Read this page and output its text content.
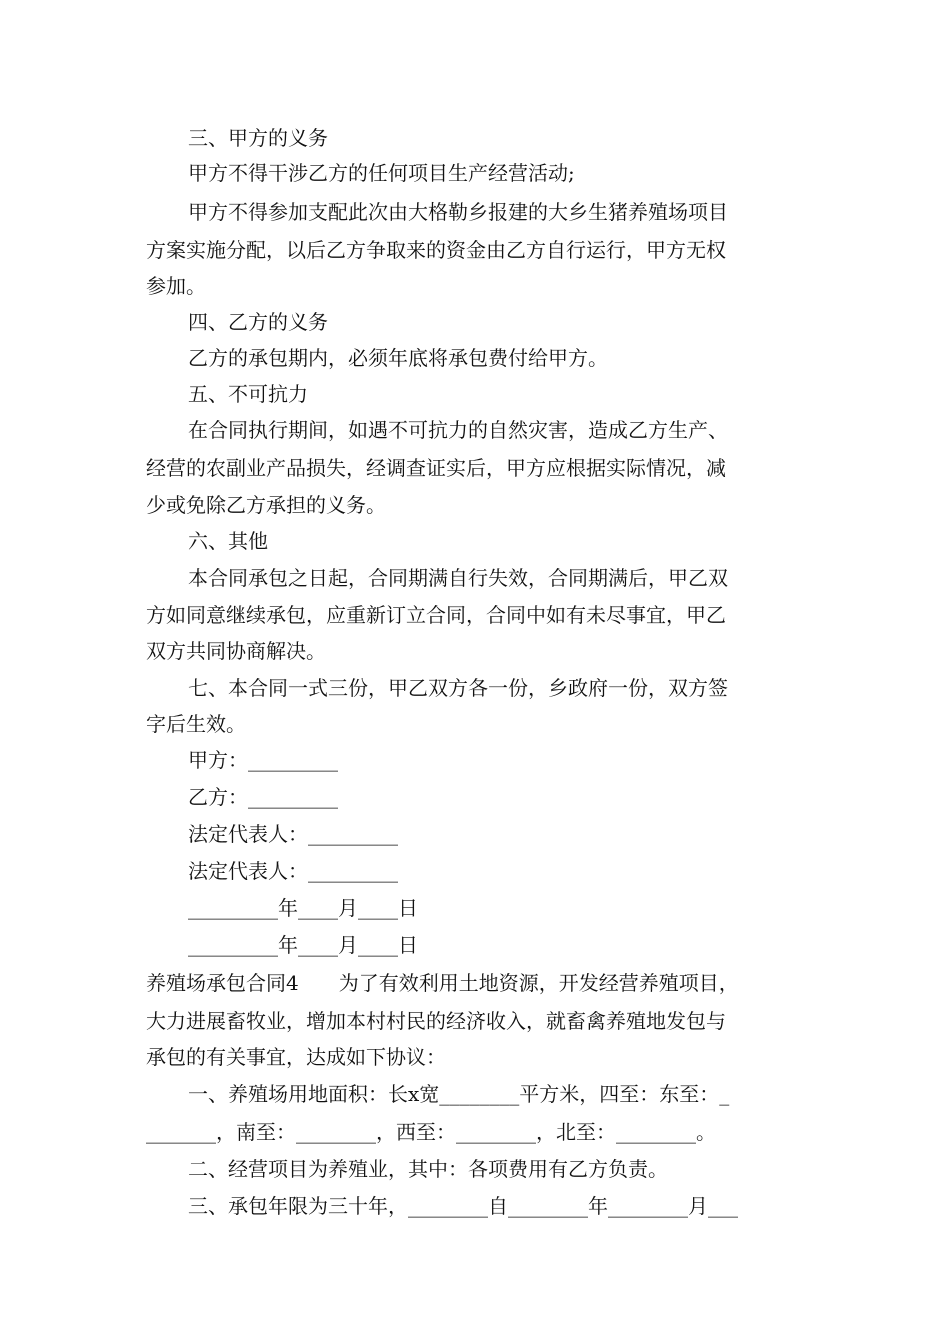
三、甲方的义务

甲方不得干涉乙方的任何项目生产经营活动;

甲方不得参加支配此次由大格勒乡报建的大乡生猪养殖场项目

方案实施分配，以后乙方争取来的资金由乙方自行运行，甲方无权

参加。

四、乙方的义务

乙方的承包期内，必须年底将承包费付给甲方。

五、不可抗力

在合同执行期间，如遇不可抗力的自然灾害，造成乙方生产、

经营的农副业产品损失，经调查证实后，甲方应根据实际情况，减

少或免除乙方承担的义务。

六、其他

本合同承包之日起，合同期满自行失效，合同期满后，甲乙双

方如同意继续承包，应重新订立合同，合同中如有未尽事宜，甲乙

双方共同协商解决。

七、本合同一式三份，甲乙双方各一份，乡政府一份，双方签

字后生效。

甲方：_________

乙方：_________

法定代表人：_________

法定代表人：_________

_________年____月____日

_________年____月____日

养殖场承包合同4　　为了有效利用土地资源，开发经营养殖项目，

大力进展畜牧业，增加本村村民的经济收入，就畜禽养殖地发包与

承包的有关事宜，达成如下协议：

一、养殖场用地面积：长x宽________平方米，四至：东至：_

_______，南至：________，西至：________，北至：________。

二、经营项目为养殖业，其中：各项费用有乙方负责。

三、承包年限为三十年，________自________年________月___
